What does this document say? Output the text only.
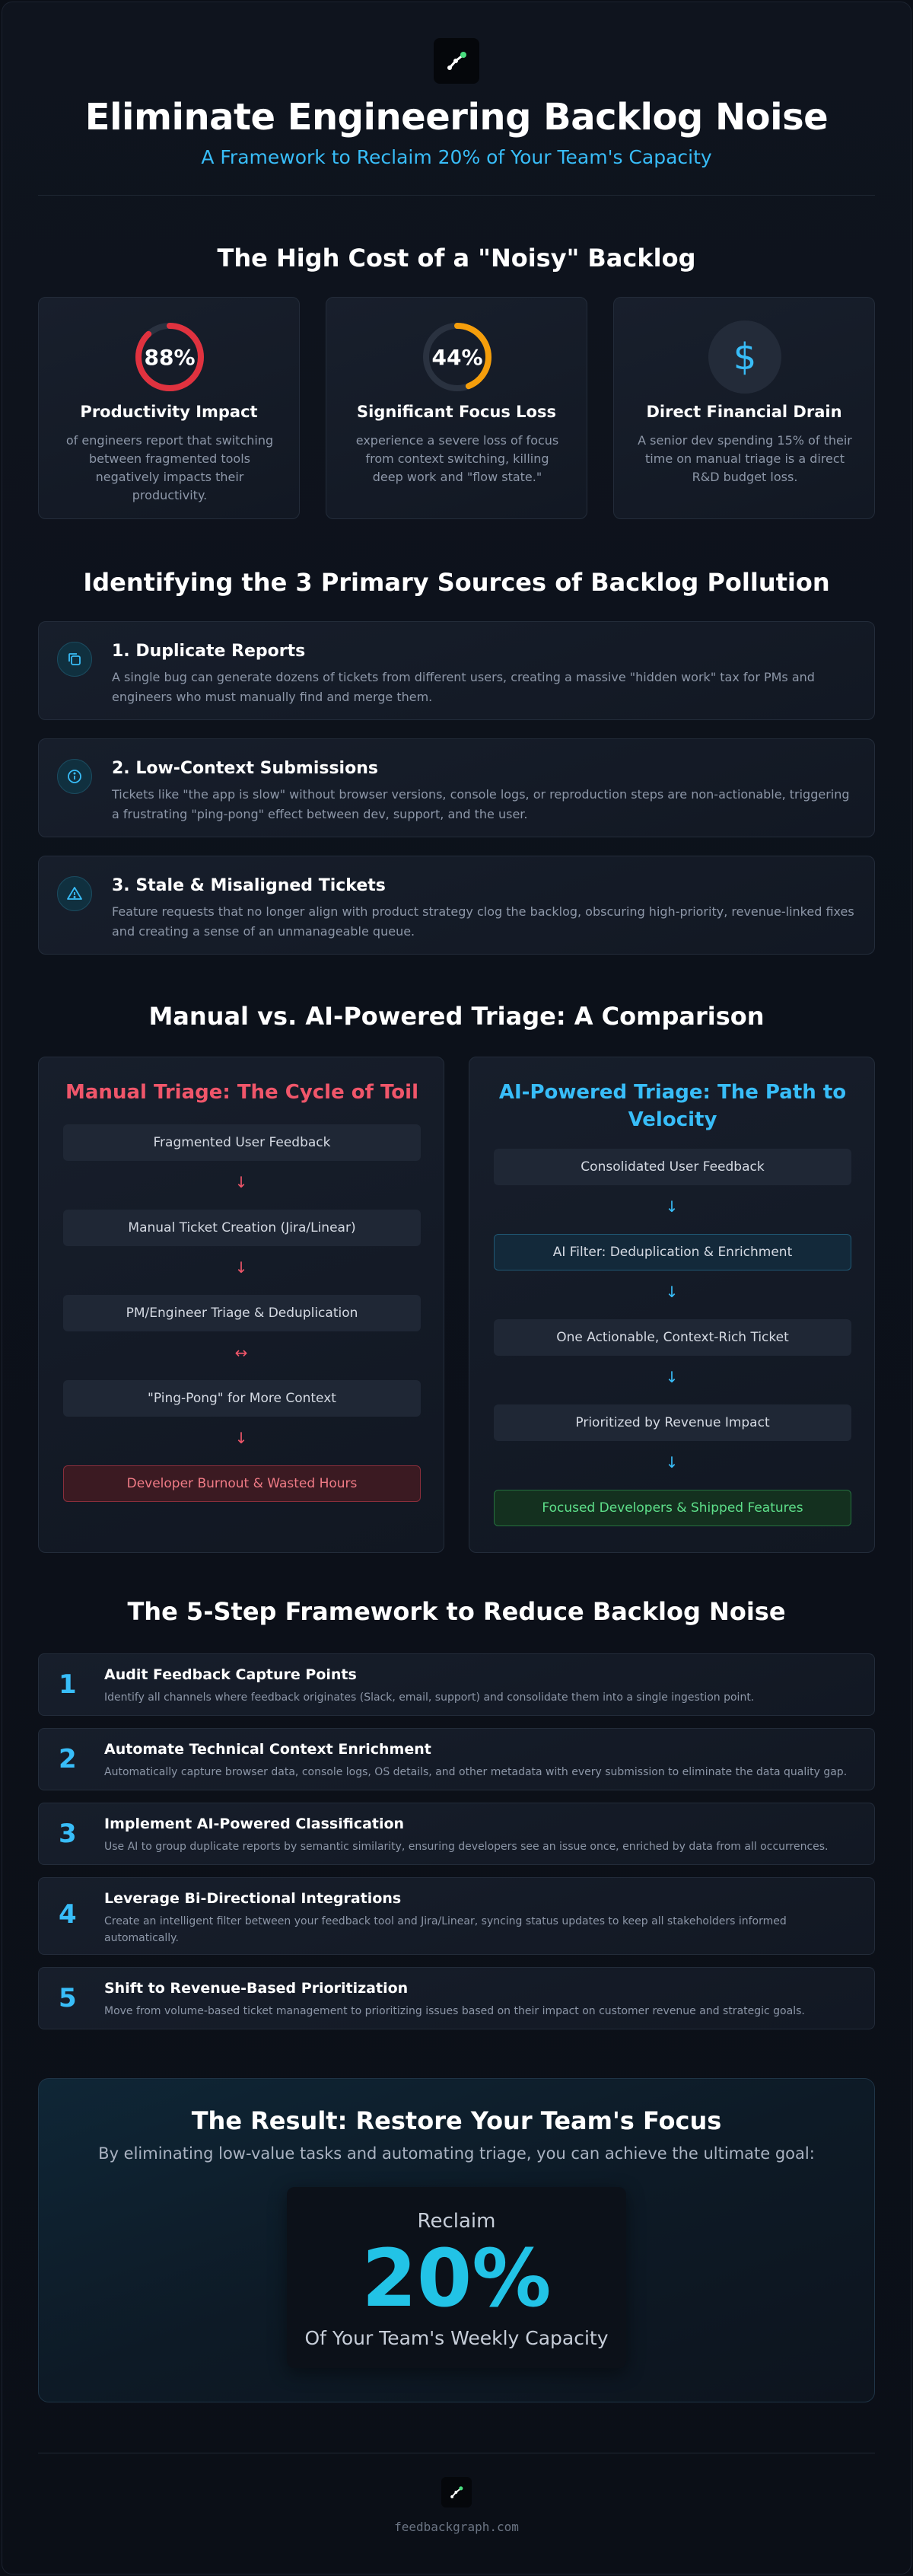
Eliminate Engineering Backlog Noise
A Framework to Reclaim 20% of Your Team's Capacity
The High Cost of a "Noisy" Backlog
88%
Productivity Impact
of engineers report that switching between fragmented tools negatively impacts their productivity.
44%
Significant Focus Loss
experience a severe loss of focus from context switching, killing deep work and "flow state."
$
Direct Financial Drain
A senior dev spending 15% of their time on manual triage is a direct R&D budget loss.
Identifying the 3 Primary Sources of Backlog Pollution
1. Duplicate Reports
A single bug can generate dozens of tickets from different users, creating a massive "hidden work" tax for PMs and engineers who must manually find and merge them.
2. Low-Context Submissions
Tickets like "the app is slow" without browser versions, console logs, or reproduction steps are non-actionable, triggering a frustrating "ping-pong" effect between dev, support, and the user.
3. Stale & Misaligned Tickets
Feature requests that no longer align with product strategy clog the backlog, obscuring high-priority, revenue-linked fixes and creating a sense of an unmanageable queue.
Manual vs. AI-Powered Triage: A Comparison
Manual Triage: The Cycle of Toil
Fragmented User Feedback
↓
Manual Ticket Creation (Jira/Linear)
↓
PM/Engineer Triage & Deduplication
↔
"Ping-Pong" for More Context
↓
Developer Burnout & Wasted Hours
AI-Powered Triage: The Path to Velocity
Consolidated User Feedback
↓
AI Filter: Deduplication & Enrichment
↓
One Actionable, Context-Rich Ticket
↓
Prioritized by Revenue Impact
↓
Focused Developers & Shipped Features
The 5-Step Framework to Reduce Backlog Noise
1 Audit Feedback Capture Points
Identify all channels where feedback originates (Slack, email, support) and consolidate them into a single ingestion point.
2 Automate Technical Context Enrichment
Automatically capture browser data, console logs, OS details, and other metadata with every submission to eliminate the data quality gap.
3 Implement AI-Powered Classification
Use AI to group duplicate reports by semantic similarity, ensuring developers see an issue once, enriched by data from all occurrences.
4
Leverage Bi-Directional Integrations
Create an intelligent filter between your feedback tool and Jira/Linear, syncing status updates to keep all stakeholders informed automatically.
5 Shift to Revenue-Based Prioritization
Move from volume-based ticket management to prioritizing issues based on their impact on customer revenue and strategic goals.
The Result: Restore Your Team's Focus
By eliminating low-value tasks and automating triage, you can achieve the ultimate goal:
Reclaim
20%
Of Your Team's Weekly Capacity
feedbackgraph.com
